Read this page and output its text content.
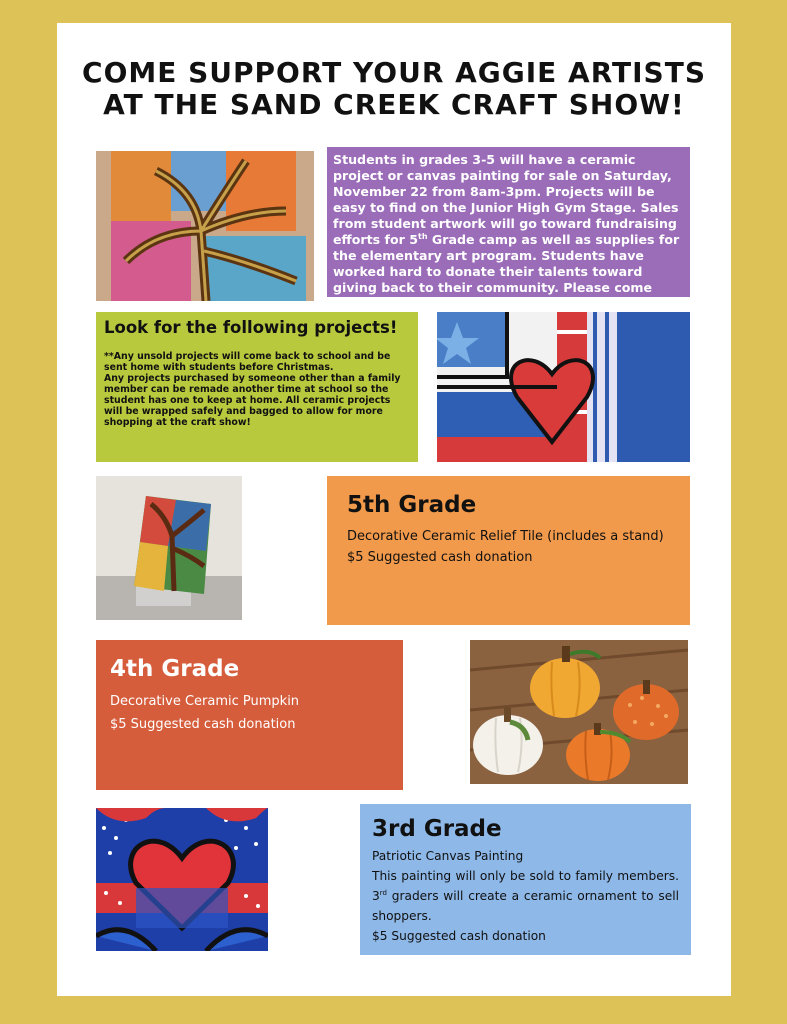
COME SUPPORT YOUR AGGIE ARTISTS
AT THE SAND CREEK CRAFT SHOW!
Students in grades 3-5 will have a ceramic project or canvas painting for sale on Saturday, November 22 from 8am-3pm. Projects will be easy to find on the Junior High Gym Stage. Sales from student artwork will go toward fundraising efforts for 5th Grade camp as well as supplies for the elementary art program. Students have worked hard to donate their talents toward giving back to their community. Please come support them!
Look for the following projects!
**Any unsold projects will come back to school and be sent home with students before Christmas.
Any projects purchased by someone other than a family member can be remade another time at school so the student has one to keep at home. All ceramic projects will be wrapped safely and bagged to allow for more shopping at the craft show!
5th Grade
Decorative Ceramic Relief Tile (includes a stand)
$5 Suggested cash donation
4th Grade
Decorative Ceramic Pumpkin
$5 Suggested cash donation
3rd Grade
Patriotic Canvas Painting
This painting will only be sold to family members. 3rd graders will create a ceramic ornament to sell shoppers.
$5 Suggested cash donation
